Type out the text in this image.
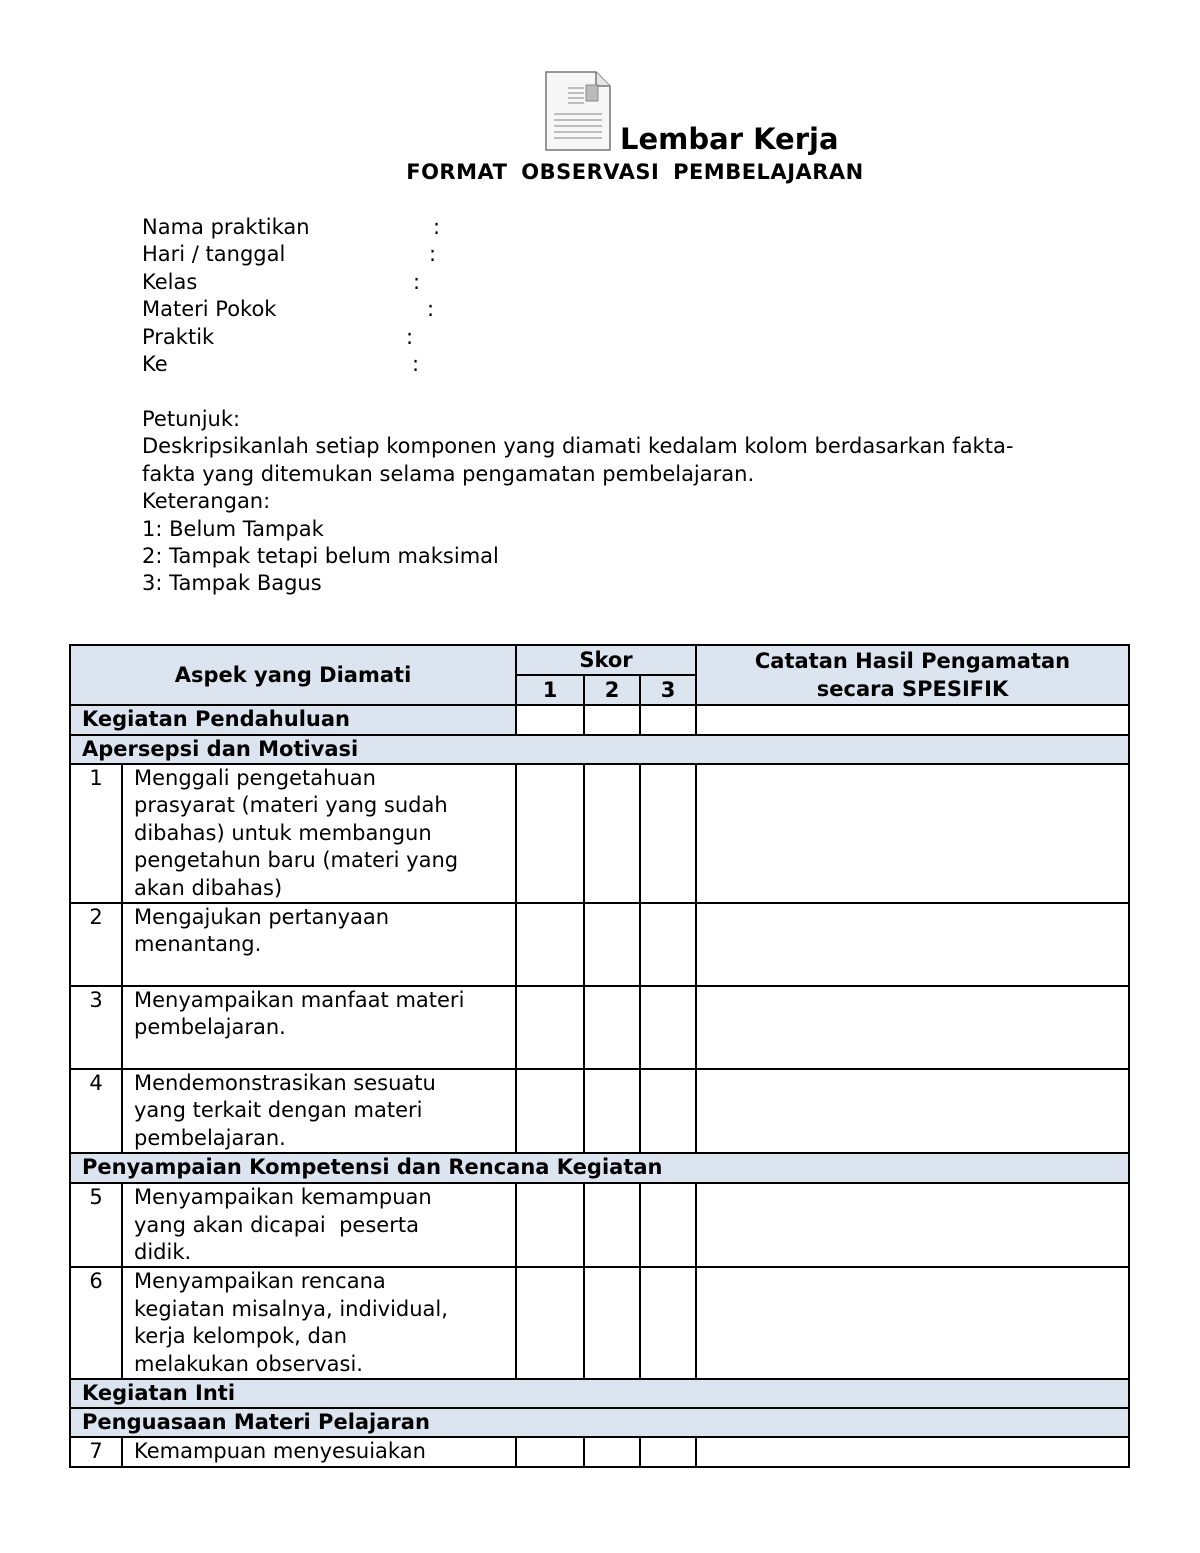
Lembar Kerja
FORMAT OBSERVASI PEMBELAJARAN
Nama praktikan	:
Hari / tanggal	:
Kelas	:
Materi Pokok	:
Praktik	:
Ke	:
Petunjuk:
Deskripsikanlah setiap komponen yang diamati kedalam kolom berdasarkan fakta-
fakta yang ditemukan selama pengamatan pembelajaran.
Keterangan:
1: Belum Tampak
2: Tampak tetapi belum maksimal
3: Tampak Bagus
Aspek yang Diamati		Skor			Catatan Hasil Pengamatan
secara SPESIFIK

		1	2	3	
Kegiatan Pendahuluan					
Apersepsi dan Motivasi					
1	Menggali pengetahuan
prasyarat (materi yang sudah
dibahas) untuk membangun
pengetahun baru (materi yang
akan dibahas)				

2	Mengajukan pertanyaan
menantang.				

3	Menyampaikan manfaat materi
pembelajaran.				

4	Mendemonstrasikan sesuatu
yang terkait dengan materi
pembelajaran.				

Penyampaian Kompetensi dan Rencana Kegiatan					
5	Menyampaikan kemampuan
yang akan dicapai  peserta
didik.				

6	Menyampaikan rencana
kegiatan misalnya, individual,
kerja kelompok, dan
melakukan observasi.				

Kegiatan Inti					
Penguasaan Materi Pelajaran					
7	Kemampuan menyesuiakan				
